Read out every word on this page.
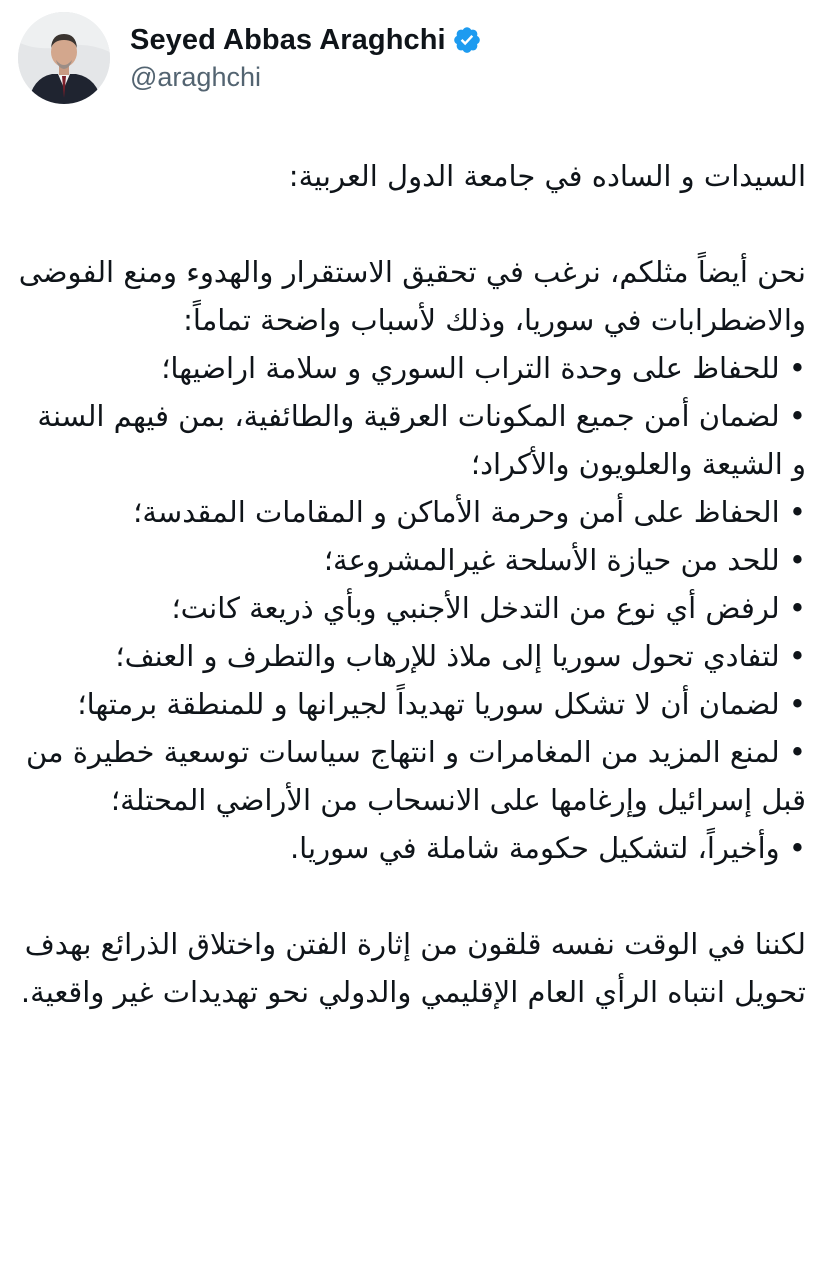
Seyed Abbas Araghchi
@araghchi

السيدات و الساده في جامعة الدول العربية:

نحن أيضاً مثلكم، نرغب في تحقيق الاستقرار والهدوء ومنع الفوضى والاضطرابات في سوريا، وذلك لأسباب واضحة تماماً:

• للحفاظ على وحدة التراب السوري و سلامة اراضيها؛
• لضمان أمن جميع المكونات العرقية والطائفية، بمن فيهم السنة و الشيعة والعلويون والأكراد؛
• الحفاظ على أمن وحرمة الأماكن و المقامات المقدسة؛
• للحد من حيازة الأسلحة غيرالمشروعة؛
• لرفض أي نوع من التدخل الأجنبي وبأي ذريعة كانت؛
• لتفادي تحول سوريا إلى ملاذ للإرهاب والتطرف و العنف؛
• لضمان أن لا تشكل سوريا تهديداً لجيرانها و للمنطقة برمتها؛
• لمنع المزيد من المغامرات و انتهاج سياسات توسعية خطيرة من قبل إسرائيل وإرغامها على الانسحاب من الأراضي المحتلة؛
• وأخيراً، لتشكيل حكومة شاملة في سوريا.

لكننا في الوقت نفسه قلقون من إثارة الفتن واختلاق الذرائع بهدف تحويل انتباه الرأي العام الإقليمي والدولي نحو تهديدات غير واقعية.
